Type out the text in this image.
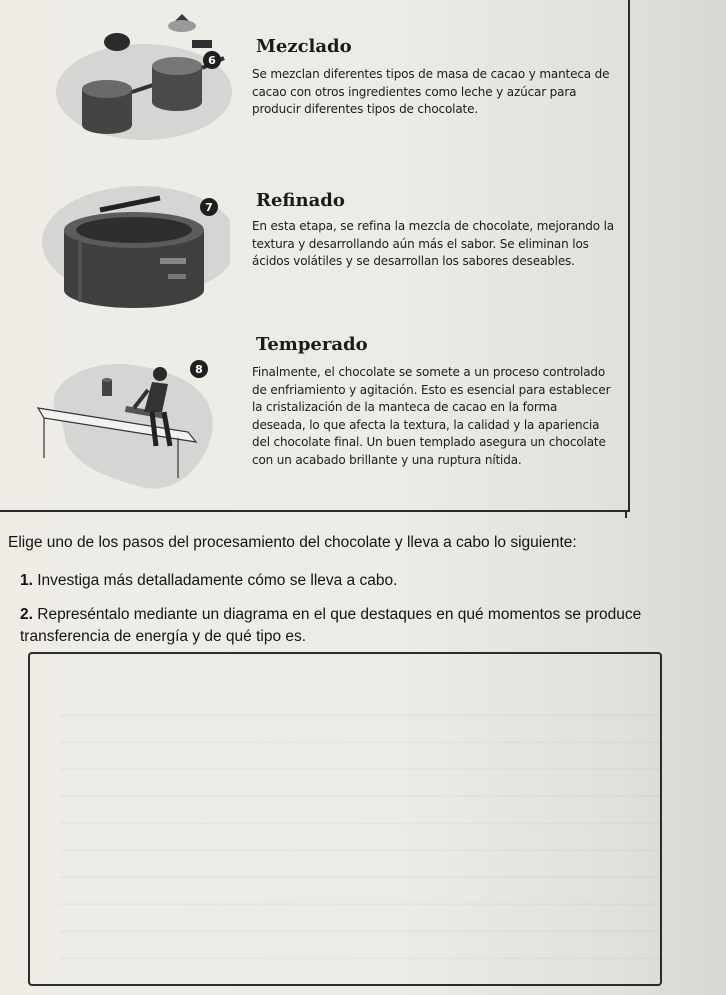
6
Mezclado
Se mezclan diferentes tipos de masa de cacao y manteca de cacao con otros ingredientes como leche y azúcar para producir diferentes tipos de chocolate.
7 Refinado
En esta etapa, se refina la mezcla de chocolate, mejorando la textura y desarrollando aún más el sabor. Se eliminan los ácidos volátiles y se desarrollan los sabores deseables.
8
Temperado
Finalmente, el chocolate se somete a un proceso controlado de enfriamiento y agitación. Esto es esencial para establecer la cristalización de la manteca de cacao en la forma deseada, lo que afecta la textura, la calidad y la apariencia del chocolate final. Un buen templado asegura un chocolate con un acabado brillante y una ruptura nítida.
Elige uno de los pasos del procesamiento del chocolate y lleva a cabo lo siguiente:
1. Investiga más detalladamente cómo se lleva a cabo.
2. Represéntalo mediante un diagrama en el que destaques en qué momentos se produce transferencia de energía y de qué tipo es.
